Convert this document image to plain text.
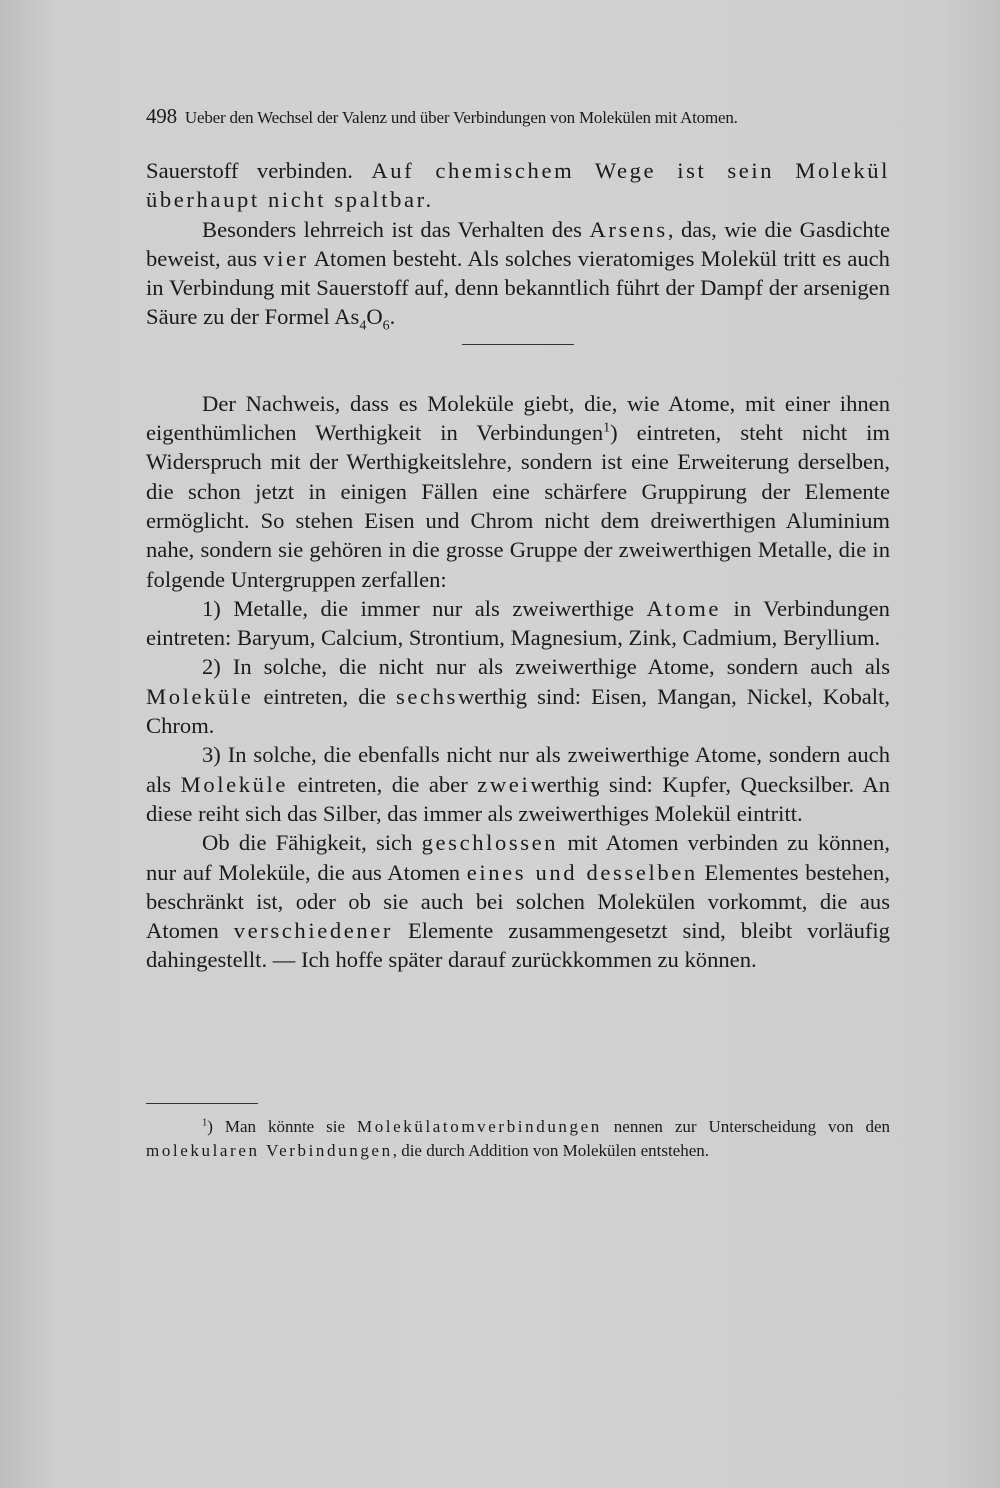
498 Ueber den Wechsel der Valenz und über Verbindungen von Molekülen mit Atomen.

Sauerstoff verbinden. Auf chemischem Wege ist sein Molekül überhaupt nicht spaltbar.

Besonders lehrreich ist das Verhalten des Arsens, das, wie die Gasdichte beweist, aus vier Atomen besteht. Als solches vieratomiges Molekül tritt es auch in Verbindung mit Sauerstoff auf, denn bekanntlich führt der Dampf der arsenigen Säure zu der Formel $As_4O_6$.

Der Nachweis, dass es Moleküle giebt, die, wie Atome, mit einer ihnen eigenthümlichen Werthigkeit in Verbindungen$^1$) eintreten, steht nicht im Widerspruch mit der Werthigkeitslehre, sondern ist eine Erweiterung derselben, die schon jetzt in einigen Fällen eine schärfere Gruppirung der Elemente ermöglicht. So stehen Eisen und Chrom nicht dem dreiwerthigen Aluminium nahe, sondern sie gehören in die grosse Gruppe der zweiwerthigen Metalle, die in folgende Untergruppen zerfallen:

1) Metalle, die immer nur als zweiwerthige Atome in Verbindungen eintreten: Baryum, Calcium, Strontium, Magnesium, Zink, Cadmium, Beryllium.

2) In solche, die nicht nur als zweiwerthige Atome, sondern auch als Moleküle eintreten, die sechswerthig sind: Eisen, Mangan, Nickel, Kobalt, Chrom.

3) In solche, die ebenfalls nicht nur als zweiwerthige Atome, sondern auch als Moleküle eintreten, die aber zweiwerthig sind: Kupfer, Quecksilber. An diese reiht sich das Silber, das immer als zweiwerthiges Molekül eintritt.

Ob die Fähigkeit, sich geschlossen mit Atomen verbinden zu können, nur auf Moleküle, die aus Atomen eines und desselben Elementes bestehen, beschränkt ist, oder ob sie auch bei solchen Molekülen vorkommt, die aus Atomen verschiedener Elemente zusammengesetzt sind, bleibt vorläufig dahingestellt. — Ich hoffe später darauf zurückkommen zu können.

$^1$) Man könnte sie Molekülatomverbindungen nennen zur Unterscheidung von den molekularen Verbindungen, die durch Addition von Molekülen entstehen.
